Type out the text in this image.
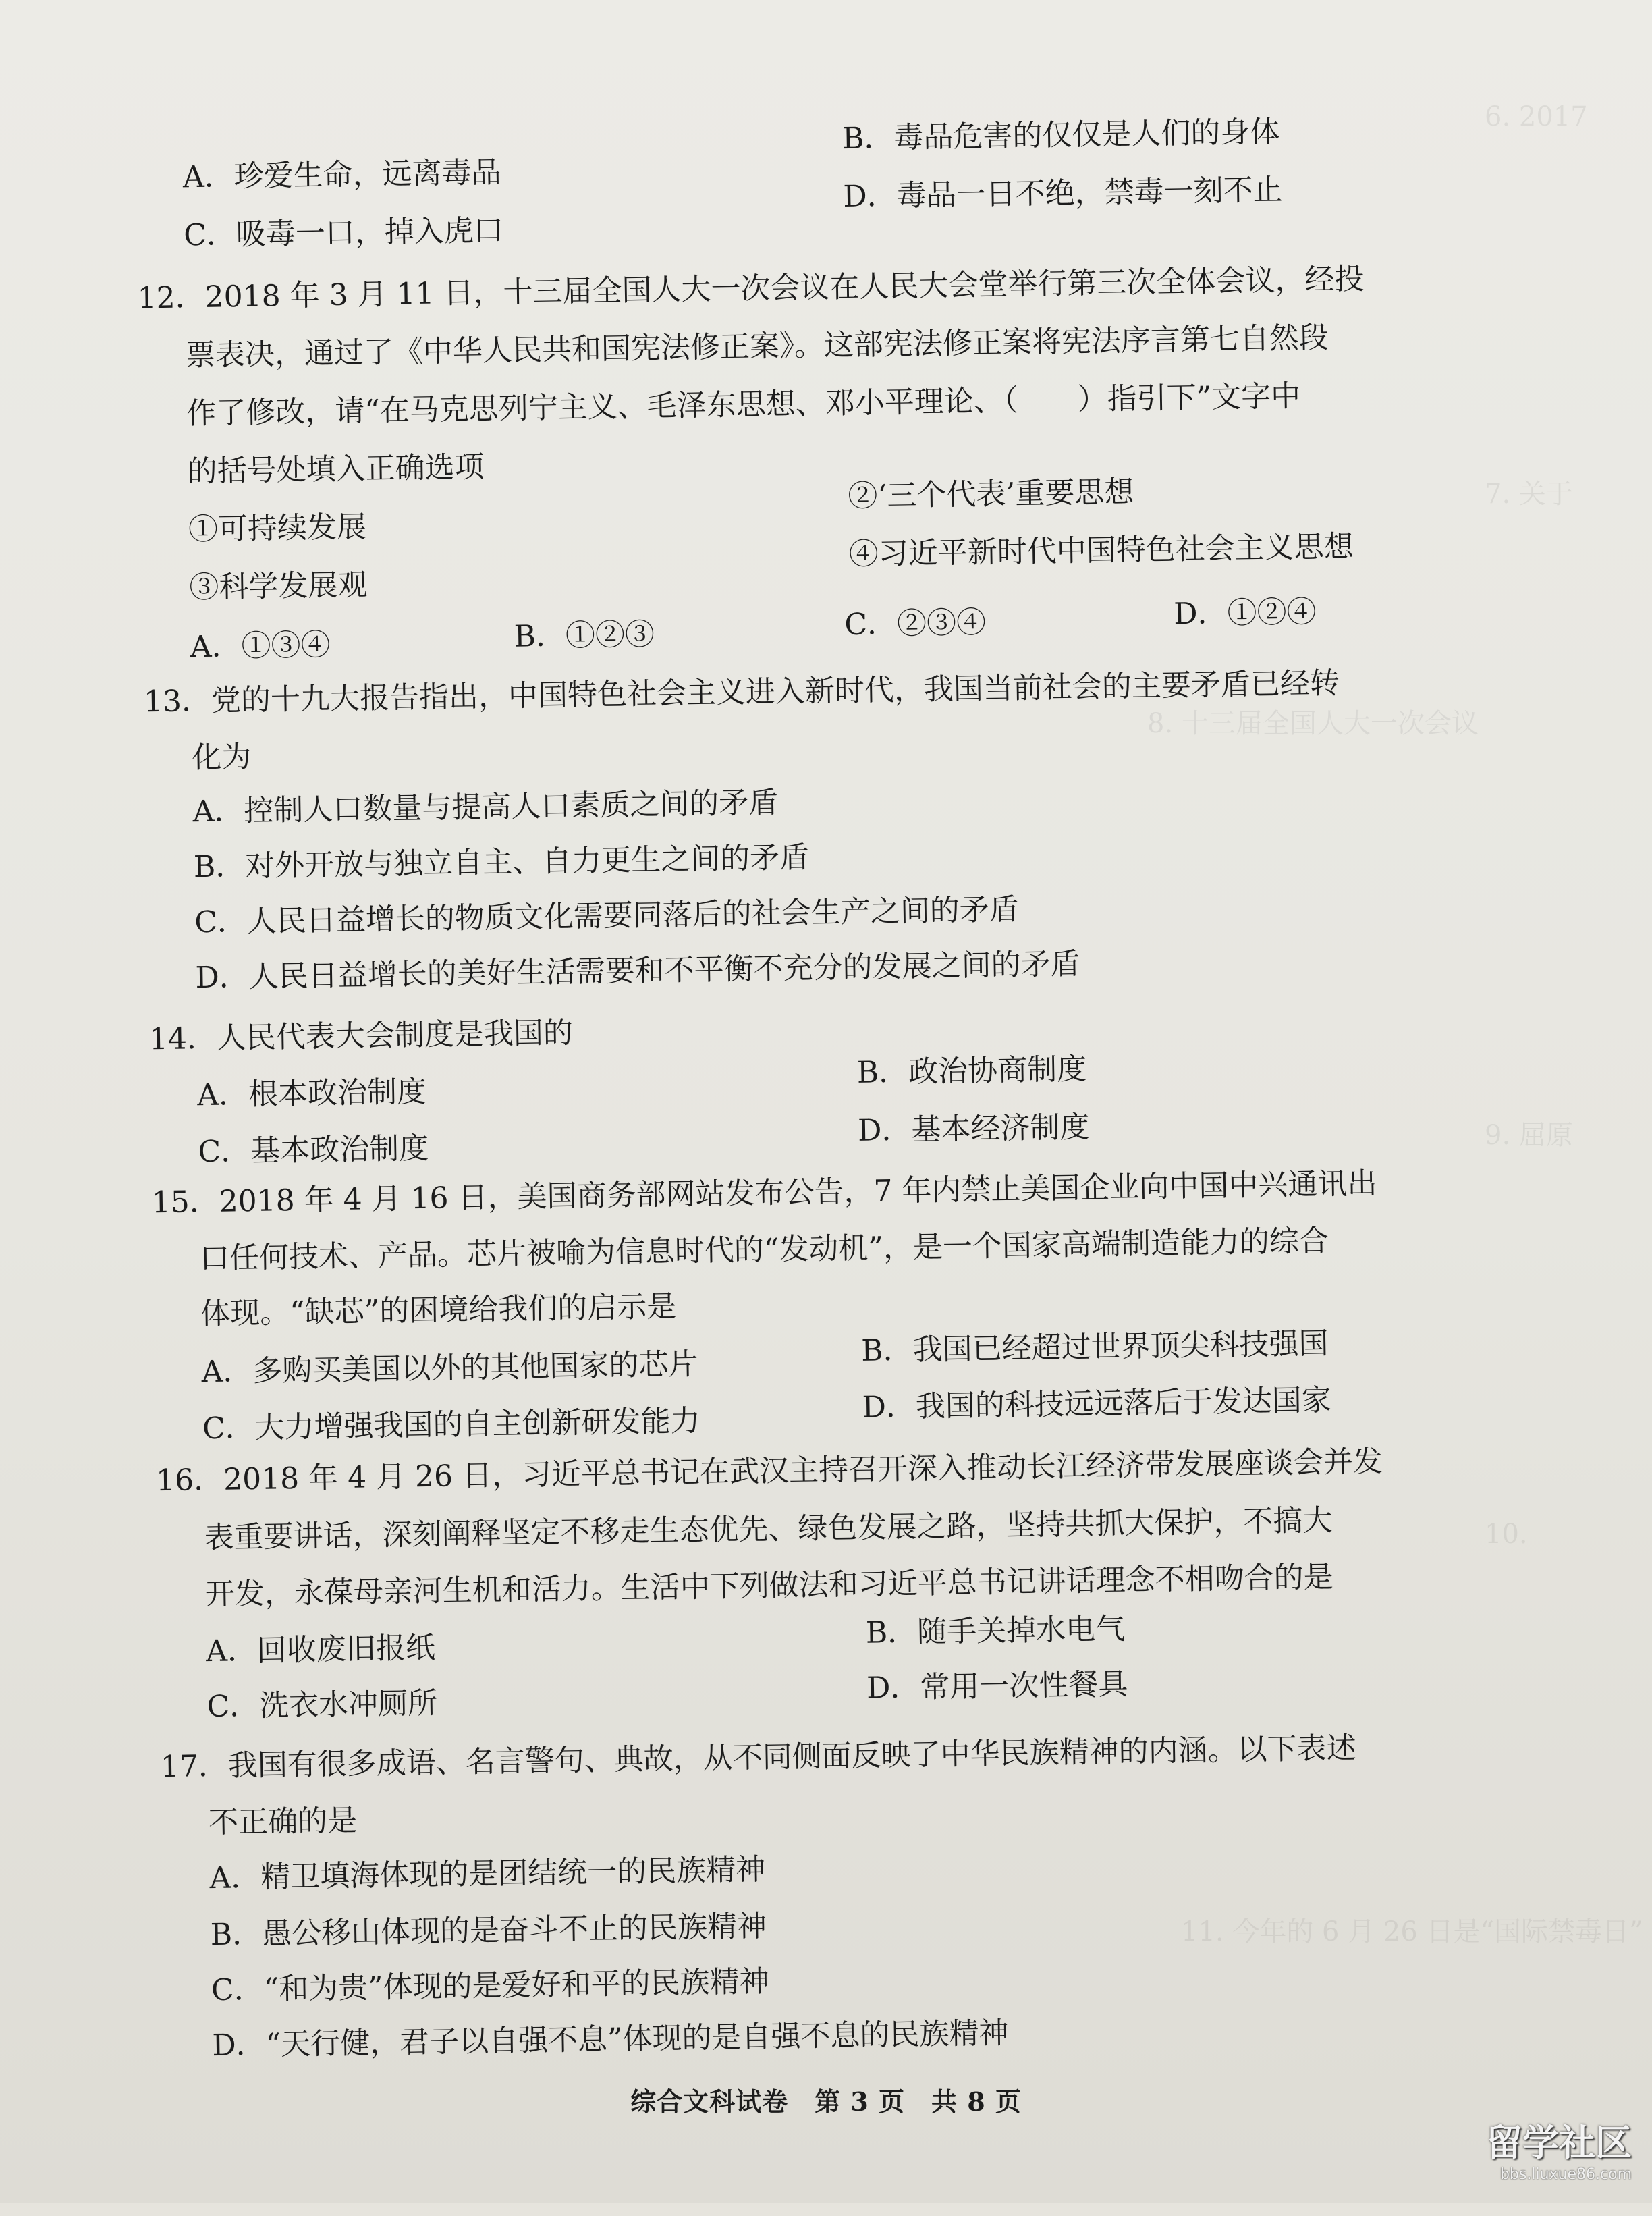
6. 2017
7. 关于
8. 十三届全国人大一次会议
9. 屈原
10.
11. 今年的 6 月 26 日是“国际禁毒日”
A．珍爱生命，远离毒品
B．毒品危害的仅仅是人们的身体
C．吸毒一口，掉入虎口
D．毒品一日不绝，禁毒一刻不止
12．2018 年 3 月 11 日，十三届全国人大一次会议在人民大会堂举行第三次全体会议，经投
票表决，通过了《中华人民共和国宪法修正案》。这部宪法修正案将宪法序言第七自然段
作了修改，请“在马克思列宁主义、毛泽东思想、邓小平理论、（　　）指引下”文字中
的括号处填入正确选项
①可持续发展
②‘三个代表’重要思想
③科学发展观
④习近平新时代中国特色社会主义思想
A．①③④	B．①②③	C．②③④	D．①②④
13．党的十九大报告指出，中国特色社会主义进入新时代，我国当前社会的主要矛盾已经转
化为
A．控制人口数量与提高人口素质之间的矛盾
B．对外开放与独立自主、自力更生之间的矛盾
C．人民日益增长的物质文化需要同落后的社会生产之间的矛盾
D．人民日益增长的美好生活需要和不平衡不充分的发展之间的矛盾
14．人民代表大会制度是我国的
A．根本政治制度
B．政治协商制度
C．基本政治制度
D．基本经济制度
15．2018 年 4 月 16 日，美国商务部网站发布公告，7 年内禁止美国企业向中国中兴通讯出
口任何技术、产品。芯片被喻为信息时代的“发动机”，是一个国家高端制造能力的综合
体现。“缺芯”的困境给我们的启示是
A．多购买美国以外的其他国家的芯片	B．我国已经超过世界顶尖科技强国
C．大力增强我国的自主创新研发能力	D．我国的科技远远落后于发达国家
16．2018 年 4 月 26 日，习近平总书记在武汉主持召开深入推动长江经济带发展座谈会并发
表重要讲话，深刻阐释坚定不移走生态优先、绿色发展之路，坚持共抓大保护，不搞大
开发，永葆母亲河生机和活力。生活中下列做法和习近平总书记讲话理念不相吻合的是
A．回收废旧报纸	B．随手关掉水电气
C．洗衣水冲厕所	D．常用一次性餐具
17．我国有很多成语、名言警句、典故，从不同侧面反映了中华民族精神的内涵。以下表述
不正确的是
A．精卫填海体现的是团结统一的民族精神
B．愚公移山体现的是奋斗不止的民族精神
C．“和为贵”体现的是爱好和平的民族精神
D．“天行健，君子以自强不息”体现的是自强不息的民族精神
综合文科试卷　第 3 页　共 8 页
留学社区
bbs.liuxue86.com
